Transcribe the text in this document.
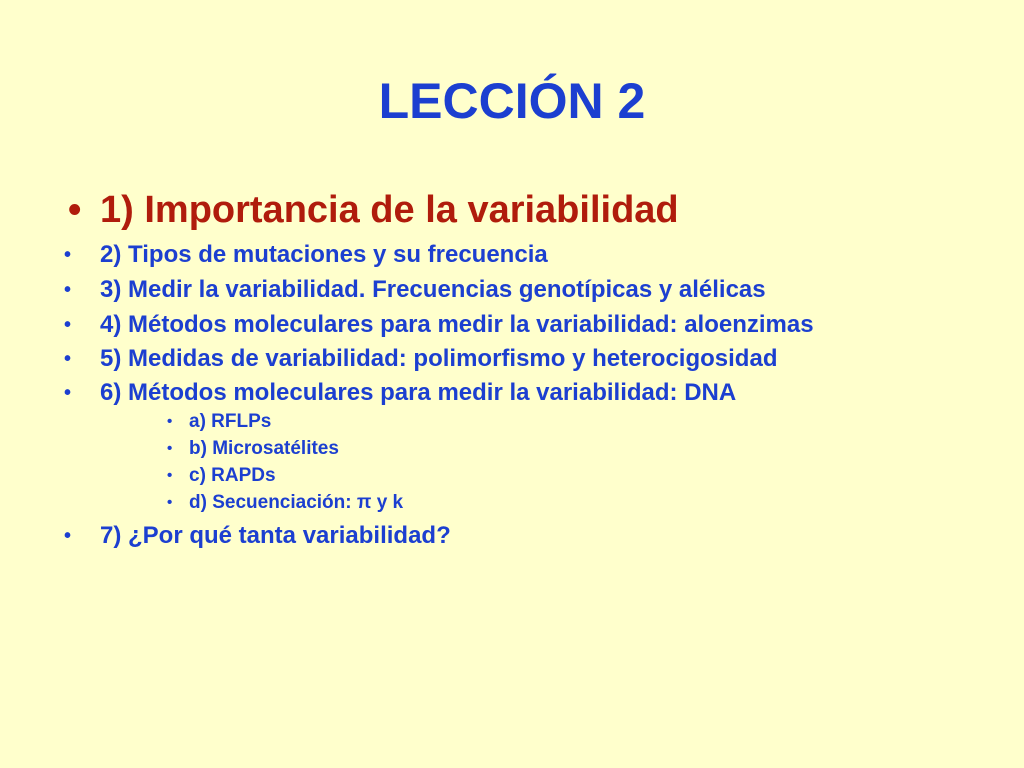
LECCIÓN 2
• 1) Importancia de la variabilidad
• 2) Tipos de mutaciones y su frecuencia
• 3) Medir la variabilidad. Frecuencias genotípicas y alélicas
• 4) Métodos moleculares para medir la variabilidad: aloenzimas
• 5) Medidas de variabilidad: polimorfismo y heterocigosidad
• 6) Métodos moleculares para medir la variabilidad: DNA
• a) RFLPs
• b) Microsatélites
• c) RAPDs
• d) Secuenciación: π y k
• 7) ¿Por qué tanta variabilidad?
